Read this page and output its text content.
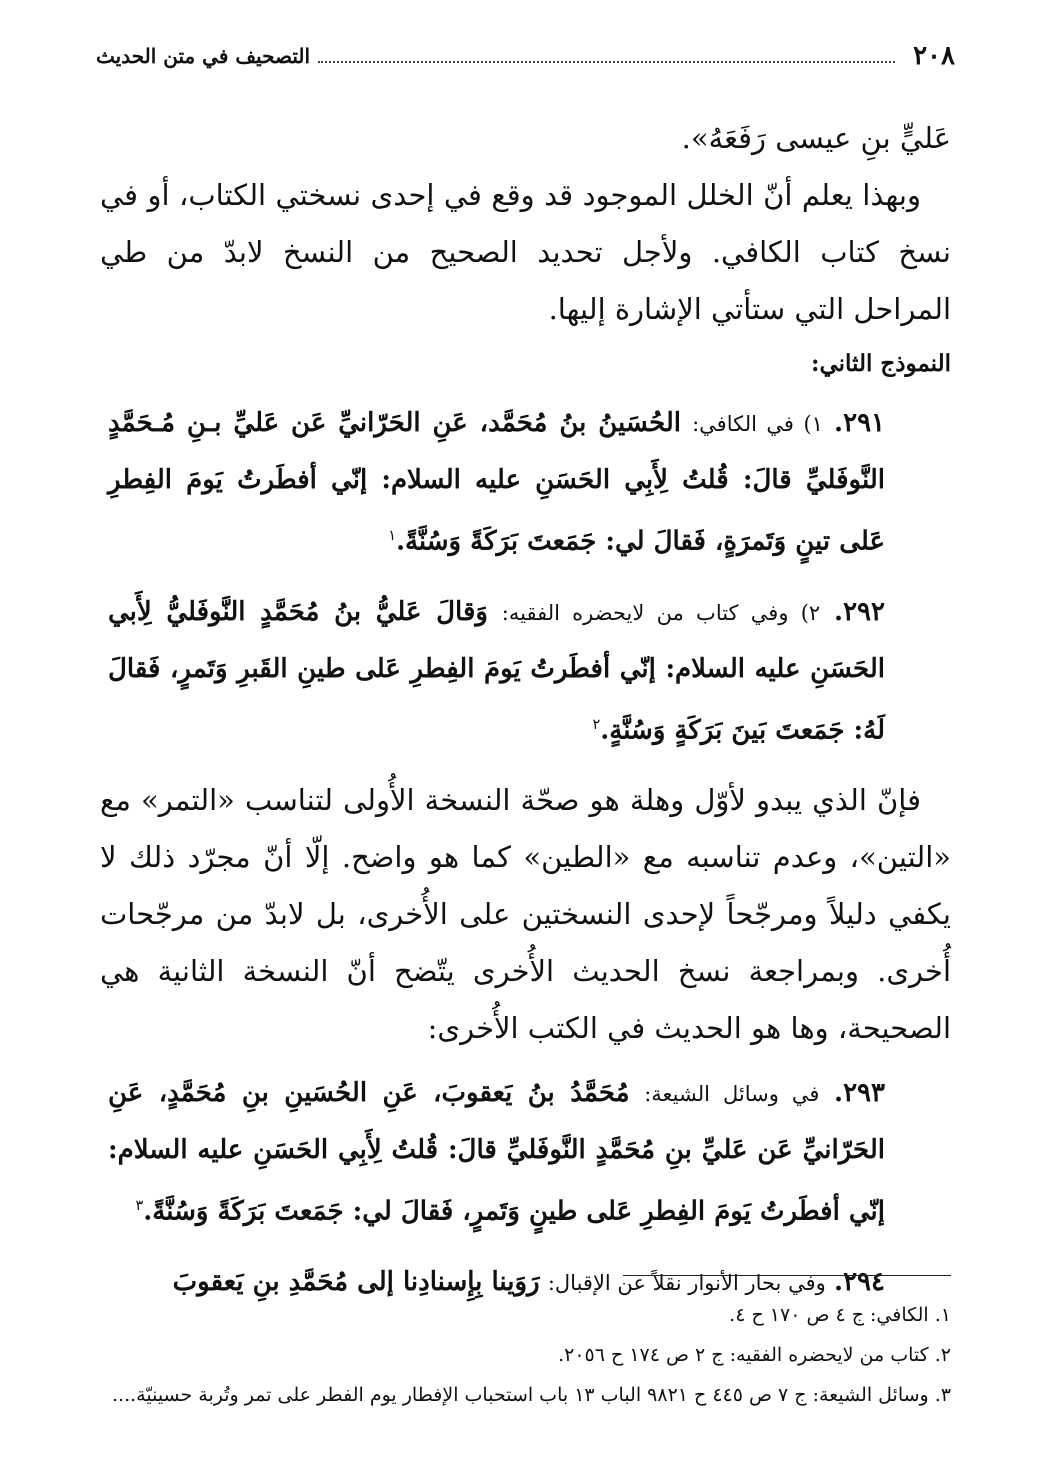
٢٠٨
التصحيف في متن الحديث

عَليٍّ بنِ عيسى رَفَعَهُ».

وبهذا يعلم أنّ الخلل الموجود قد وقع في إحدى نسختي الكتاب، أو في نسخ كتاب الكافي. ولأجل تحديد الصحيح من النسخ لابدّ من طي المراحل التي ستأتي الإشارة إليها.

النموذج الثاني:
٢٩١. ١) في الكافي: الحُسَينُ بنُ مُحَمَّد، عَنِ الحَرّانيِّ عَن عَليِّ بـنِ مُـحَمَّدٍ النَّوفَليِّ قالَ: قُلتُ لِأَبِي الحَسَنِ عليه السلام: إنّي أفطَرتُ يَومَ الفِطرِ عَلى تينٍ وَتَمرَةٍ، فَقالَ لي: جَمَعتَ بَرَكَةً وَسُنَّةً.$^١$
٢٩٢. ٢) وفي كتاب من لايحضره الفقيه: وَقالَ عَليُّ بنُ مُحَمَّدٍ النَّوفَليُّ لِأَبي الحَسَنِ عليه السلام: إنّي أفطَرتُ يَومَ الفِطرِ عَلى طينِ القَبرِ وَتَمرٍ، فَقالَ لَهُ: جَمَعتَ بَينَ بَرَكَةٍ وَسُنَّةٍ.$^٢$

فإنّ الذي يبدو لأوّل وهلة هو صحّة النسخة الأُولى لتناسب «التمر» مع «التين»، وعدم تناسبه مع «الطين» كما هو واضح. إلّا أنّ مجرّد ذلك لا يكفي دليلاً ومرجّحاً لإحدى النسختين على الأُخرى، بل لابدّ من مرجّحات أُخرى. وبمراجعة نسخ الحديث الأُخرى يتّضح أنّ النسخة الثانية هي الصحيحة، وها هو الحديث في الكتب الأُخرى:

٢٩٣. في وسائل الشيعة: مُحَمَّدُ بنُ يَعقوبَ، عَنِ الحُسَينِ بنِ مُحَمَّدٍ، عَنِ الحَرّانيِّ عَن عَليِّ بنِ مُحَمَّدٍ النَّوفَليِّ قالَ: قُلتُ لِأَبِي الحَسَنِ عليه السلام: إنّي أفطَرتُ يَومَ الفِطرِ عَلى طينٍ وَتَمرٍ، فَقالَ لي: جَمَعتَ بَرَكَةً وَسُنَّةً.$^٣$
٢٩٤. وفي بحار الأنوار نقلاً عن الإقبال: رَوَينا بِإِسنادِنا إلى مُحَمَّدِ بنِ يَعقوبَ
١. الكافي: ج ٤ ص ١٧٠ ح ٤.
٢. كتاب من لايحضره الفقيه: ج ٢ ص ١٧٤ ح ٢٠٥٦.
٣. وسائل الشيعة: ج ٧ ص ٤٤٥ ح ٩٨٢١ الباب ١٣ باب استحباب الإفطار يوم الفطر على تمر وتُربة حسينيّة....
